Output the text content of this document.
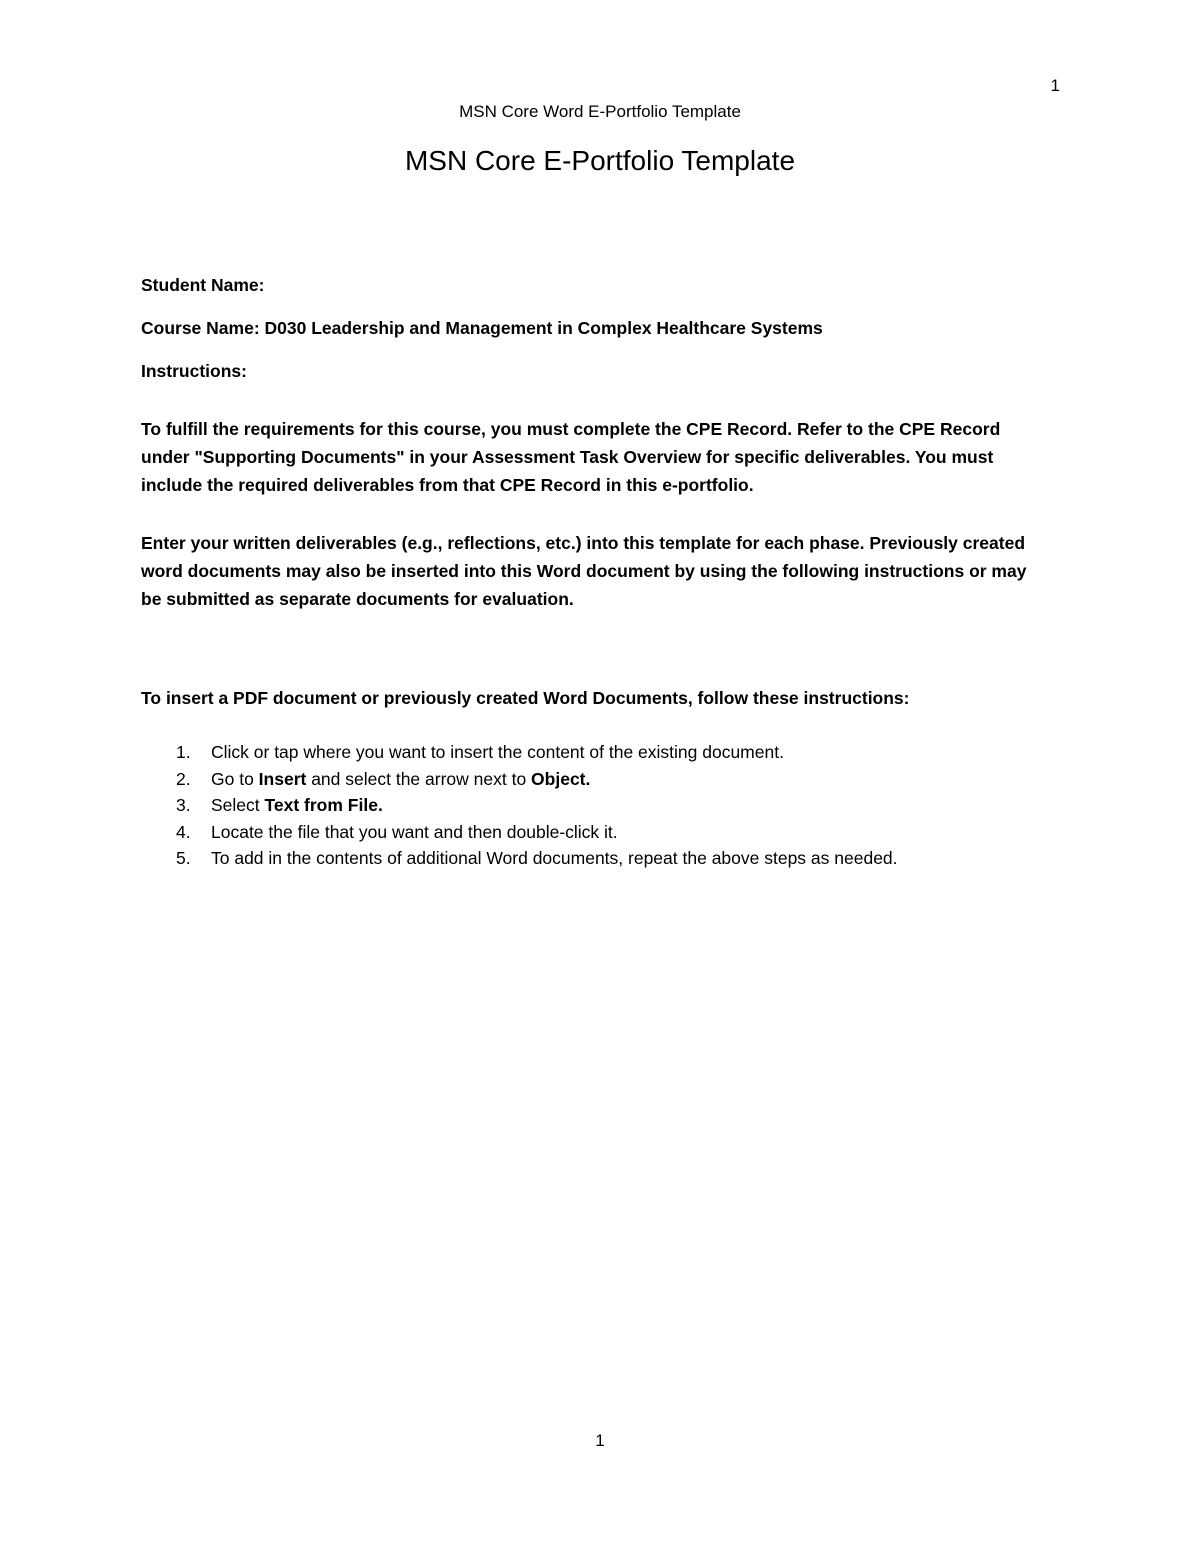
1
MSN Core Word E-Portfolio Template
MSN Core E-Portfolio Template

Student Name:

Course Name: D030 Leadership and Management in Complex Healthcare Systems

Instructions:

To fulfill the requirements for this course, you must complete the CPE Record. Refer to the CPE Record under "Supporting Documents" in your Assessment Task Overview for specific deliverables. You must include the required deliverables from that CPE Record in this e-portfolio.

Enter your written deliverables (e.g., reflections, etc.) into this template for each phase. Previously created word documents may also be inserted into this Word document by using the following instructions or may be submitted as separate documents for evaluation.

To insert a PDF document or previously created Word Documents, follow these instructions:

1. Click or tap where you want to insert the content of the existing document.
2. Go to Insert and select the arrow next to Object.
3. Select Text from File.
4. Locate the file that you want and then double-click it.
5. To add in the contents of additional Word documents, repeat the above steps as needed.
1
